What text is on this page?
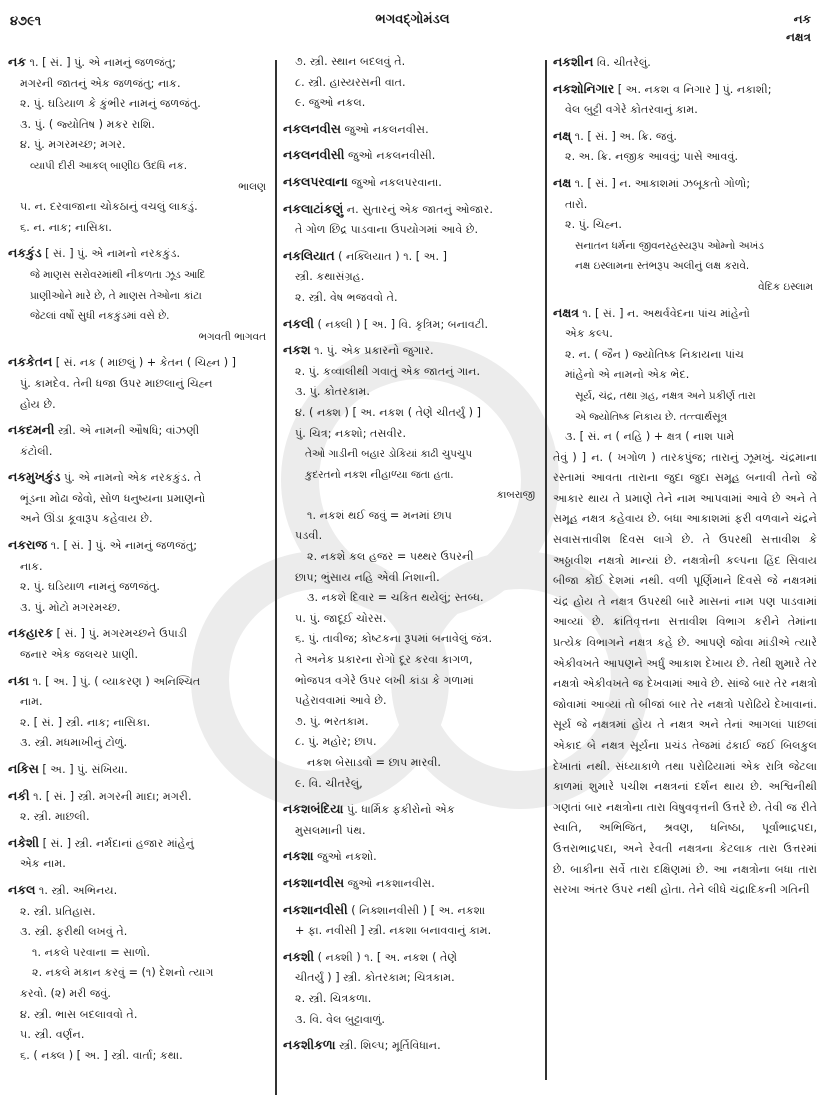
૪૭૯૧	ભગવદ્ગોમંડલ	નક
નક્ષત્ર
નક ૧. [ સં. ] પું. એ નામનું જળજંતુ;
મગરની જાતનું એક જળજંતુ; નાક.
૨. પું. ઘડિયાળ કે કુંભીર નામનું જળજંતુ.
૩. પું. ( જ્યોતિષ ) મકર રાશિ.
૪. પું. મગરમચ્છ; મગર.
વ્યાપી દીરી આકલ્ બાણીઇ ઉદધિ નક.
ભાલણ
૫. ન. દરવાજાના ચોકઠાનું વચલું લાકડું.
૬. ન. નાક; નાસિકા.
નકકુંડ [ સં. ] પું. એ નામનો નરકકુંડ.
જે માણસ સરોવરમાંથી નીકળતા ઝૂડ આદિ
પ્રાણીઓને મારે છે, તે માણસ તેઓના કાંટા
જેટલાં વર્ષો સુધી નકકુંડમાં વસે છે.
ભગવતી ભાગવત
નકકેતન [ સં. નક ( માછલું ) + કેતન ( ચિહ્ન ) ]
પું. કામદેવ. તેની ધજા ઉપર માછલાનું ચિહ્ન
હોય છે.
નકદમની સ્ત્રી. એ નામની ઔષધિ; વાંઝણી
કંટોલી.
નકમુખકુંડ પું. એ નામનો એક નરકકુંડ. તે
ભૂંડના મોઢા જેવો, સોળ ધનુષ્યના પ્રમાણનો
અને ઊંડા કૂવારૂપ કહેવાય છે.
નકરાજ ૧. [ સં. ] પું. એ નામનું જળજંતુ;
નાક.
૨. પું. ઘડિયાળ નામનું જળજંતુ.
૩. પું. મોટો મગરમચ્છ.
નકહારક [ સં. ] પું. મગરમચ્છને ઉપાડી
જનાર એક જલચર પ્રાણી.
નકા ૧. [ અ. ] પું. ( વ્યાકરણ ) અનિશ્ચિત
નામ.
૨. [ સં. ] સ્ત્રી. નાક; નાસિકા.
૩. સ્ત્રી. મધમાખીનું ટોળું.
નકિસ [ અ. ] પું. સંખિયા.
નકી ૧. [ સં. ] સ્ત્રી. મગરની માદા; મગરી.
૨. સ્ત્રી. માછલી.
નકેશી [ સં. ] સ્ત્રી. નર્મદાનાં હજાર માંહેનું
એક નામ.
નકલ ૧. સ્ત્રી. અભિનય.
૨. સ્ત્રી. પ્રતિહાસ.
૩. સ્ત્રી. ફરીથી લખવું તે.
૧. નકલે પરવાના = સાળો.
૨. નકલે મકાન કરવું = (૧) દેશનો ત્યાગ
કરવો. (૨) મરી જવું.
૪. સ્ત્રી. ભાસ બદલાવવો તે.
૫. સ્ત્રી. વર્ણન.
૬. ( નક્લ ) [ અ. ] સ્ત્રી. વાર્તા; કથા.
૭. સ્ત્રી. સ્થાન બદલવું તે.
૮. સ્ત્રી. હાસ્યરસની વાત.
૯. જુઓ નકલ.
નકલનવીસ જુઓ નકલનવીસ.
નકલનવીસી જુઓ નકલનવીસી.
નકલપરવાના જુઓ નકલપરવાના.
નકલાટાંકણું ન. સુતારનું એક જાતનું ઓજાર.
તે ગોળ છિદ્ર પાડવાના ઉપયોગમાં આવે છે.
નકલિયાત ( નક્લિયાત ) ૧. [ અ. ]
સ્ત્રી. કથાસંગ્રહ.
૨. સ્ત્રી. વેષ ભજવવો તે.
નકલી ( નક્લી ) [ અ. ] વિ. કૃત્રિમ; બનાવટી.
નકશ ૧. પું. એક પ્રકારનો જુગાર.
૨. પું. કવ્વાલીથી ગવાતું એક જાતનું ગાન.
૩. પું. કોતરકામ.
૪. ( નક્શ ) [ અ. નકશ ( તેણે ચીતર્યું ) ]
પું. ચિત્ર; નકશો; તસવીર.
તેઓ ગાડીની બહાર ડોકિયાં કાઢી ચુપચુપ
કુદરતનો નકશ નીહાળ્યા જતા હતા.
કાબરાજી
૧. નકશં થઈ જવું = મનમાં છાપ
પડવી.
૨. નકશે કલ હજર = પથ્થર ઉપરની
છાપ; ભુંસાય નહિ એવી નિશાની.
૩. નકશે દિવાર = ચકિત થયેલું; સ્તબ્ધ.
૫. પું. જાદૂઈ ચોરસ.
૬. પું. તાવીજ; કોષ્ટકના રૂપમાં બનાવેલું જંત્ર.
તે અનેક પ્રકારના રોગો દૂર કરવા કાગળ,
ભોજપત્ર વગેરે ઉપર લખી કાંડા કે ગળામાં
પહેરાવવામાં આવે છે.
૭. પું. ભરતકામ.
૮. પું. મહોર; છાપ.
નકશ બેસાડવો = છાપ મારવી.
૯. વિ. ચીતરેલું,
નકશબંદિયા પું. ધાર્મિક ફકીરોનો એક
મુસલમાની પંથ.
નકશા જુઓ નકશો.
નકશાનવીસ જુઓ નકશાનવીસ.
નકશાનવીસી ( નિક્શાનવીસી ) [ અ. નકશા
+ ફા. નવીસી ] સ્ત્રી. નકશા બનાવવાનું કામ.
નકશી ( નક્શી ) ૧. [ અ. નકશ ( તેણે
ચીતર્યું ) ] સ્ત્રી. કોતરકામ; ચિત્રકામ.
૨. સ્ત્રી. ચિત્રકળા.
૩. વિ. વેલ બુટ્ટાવાળું.
નકશીકળા સ્ત્રી. શિલ્પ; મૂર્તિવિધાન.
નકશીન વિ. ચીતરેલું.
નકશોનિગાર [ અ. નકશ વ નિગાર ] પું. નકાશી;
વેલ બુટ્ટી વગેરે કોતરવાનું કામ.
નક્ષ્ ૧. [ સં. ] અ. ક્રિ. જવું.
૨. અ. ક્રિ. નજીક આવવું; પાસે આવવું.
નક્ષ ૧. [ સં. ] ન. આકાશમાં ઝબૂકતો ગોળો;
તારો.
૨. પું. ચિહ્ન.
સનાતન ધર્મના જીવનરહસ્યરૂપ ઓમ્નો અખંડ
નક્ષ ઇસ્લામના સ્તંભરૂપ અલીનું લક્ષ કરાવે.
વેદિક ઇસ્લામ
નક્ષત્ર ૧. [ સં. ] ન. અથર્વવેદના પાંચ માંહેનો
એક કલ્પ.
૨. ન. ( જૈન ) જ્યોતિષ્ક નિકાયના પાંચ
માંહેનો એ નામનો એક ભેદ.
સૂર્ય, ચંદ્ર, તથા ગ્રહ, નક્ષત્ર અને પ્રકીર્ણ તારા
એ જ્યોતિષ્ક નિકાય છે. તત્ત્વાર્થસૂત્ર
૩. [ સં. ન ( નહિ ) + ક્ષત્ર ( નાશ પામે
તેવું ) ] ન. ( ખગોળ ) તારકપુંજ; તારાનું ઝૂમખું. ચંદ્રમાના રસ્તામાં આવતા તારાના જુદા જુદા સમૂહ બનાવી તેનો જે આકાર થાય તે પ્રમાણે તેને નામ આપવામાં આવે છે અને તે સમૂહ નક્ષત્ર કહેવાય છે. બધા આકાશમાં ફરી વળવાને ચંદ્રને સવાસત્તાવીશ દિવસ લાગે છે. તે ઉપરથી સત્તાવીશ કે અઠ્ઠાવીશ નક્ષત્રો માન્યાં છે. નક્ષત્રોની કલ્પના હિંદ સિવાય બીજા કોઈ દેશમાં નથી. વળી પૂર્ણિમાને દિવસે જે નક્ષત્રમાં ચંદ્ર હોય તે નક્ષત્ર ઉપરથી બારે માસનાં નામ પણ પાડવામાં આવ્યાં છે. ક્રાંતિવૃત્તના સત્તાવીશ વિભાગ કરીને તેમાંના પ્રત્યેક વિભાગને નક્ષત્ર કહે છે. આપણે જોવા માંડીએ ત્યારે એકીવખતે આપણને અર્ધું આકાશ દેખાય છે. તેથી શુમારે તેર નક્ષત્રો એકીવખતે જ દેખવામાં આવે છે. સાંજે બાર તેર નક્ષત્રો જોવામાં આવ્યાં તો બીજાં બાર તેર નક્ષત્રો પરોઢિયે દેખાવાનાં. સૂર્ય જે નક્ષત્રમાં હોય તે નક્ષત્ર અને તેનાં આગલાં પાછલાં એકાદ બે નક્ષત્ર સૂર્યના પ્રચંડ તેજમાં ઢંકાઈ જઈ બિલકુલ દેખાતાં નથી. સંધ્યાકાળે તથા પરોઢિયામાં એક રાત્રિ જેટલા કાળમાં શુમારે પચીશ નક્ષત્રનાં દર્શન થાય છે. અશ્વિનીથી ગણતાં બાર નક્ષત્રોના તારા વિષુવવૃત્તની ઉત્તરે છે. તેવી જ રીતે સ્વાતિ, અભિજિત, શ્રવણ, ધનિષ્ઠા, પૂર્વાભાદ્રપદા, ઉત્તરાભાદ્રપદા, અને રેવતી નક્ષત્રના કેટલાક તારા ઉત્તરમાં છે. બાકીના સર્વે તારા દક્ષિણમાં છે. આ નક્ષત્રોના બધા તારા સરખા અંતર ઉપર નથી હોતા. તેને લીધે ચંદ્રાદિકની ગતિની
